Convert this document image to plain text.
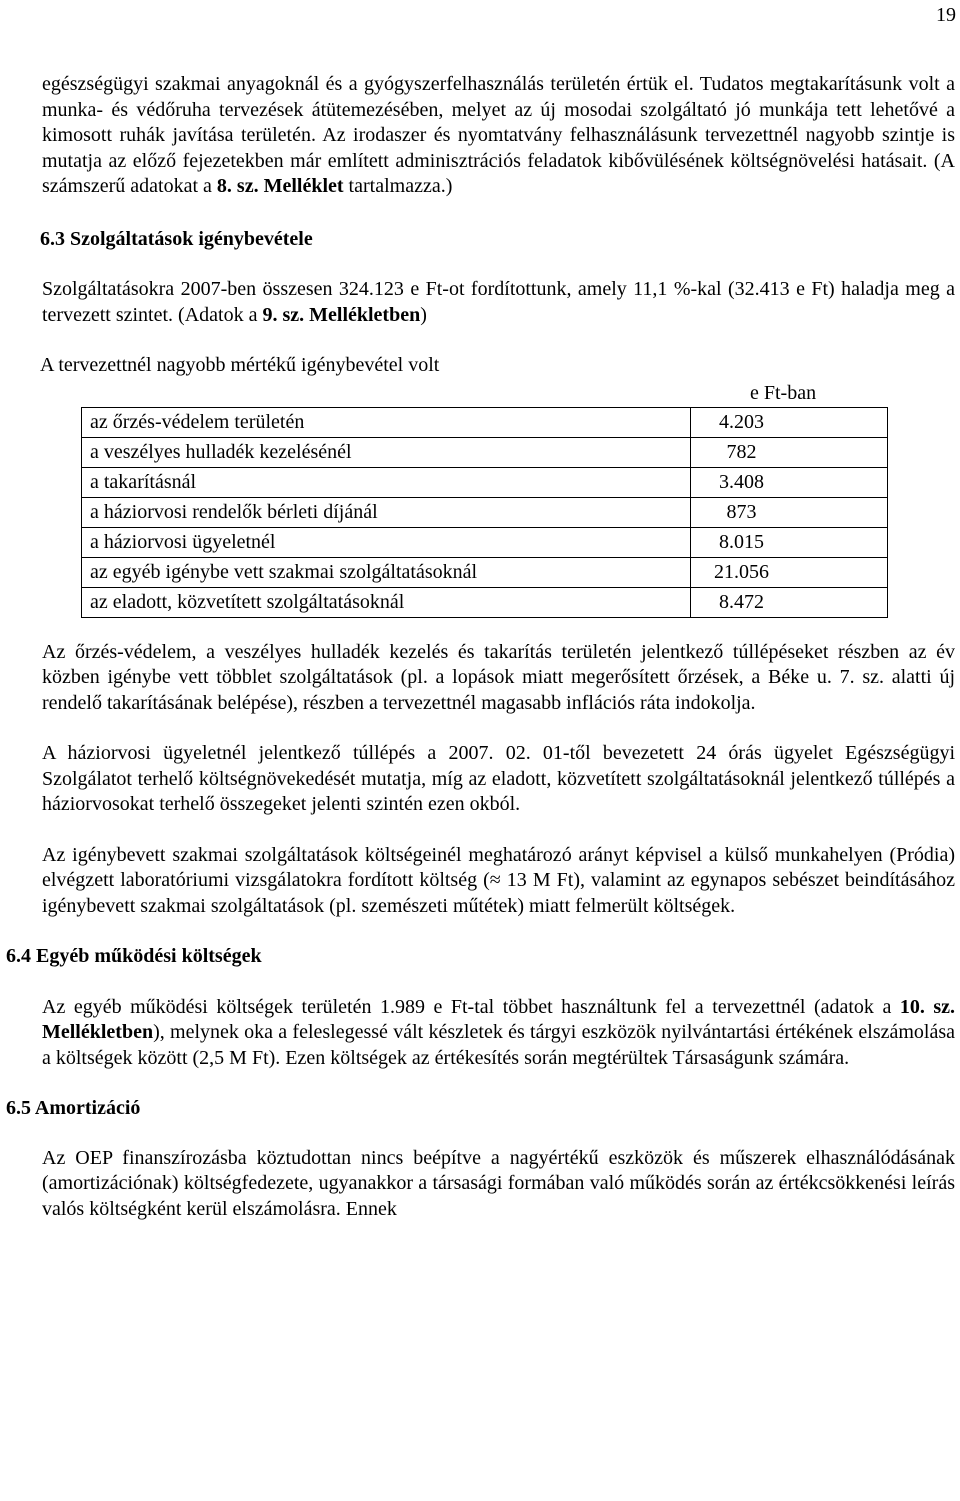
19

egészségügyi szakmai anyagoknál és a gyógyszerfelhasználás területén értük el. Tudatos megtakarításunk volt a munka- és védőruha tervezések átütemezésében, melyet az új mosodai szolgáltató jó munkája tett lehetővé a kimosott ruhák javítása területén. Az irodaszer és nyomtatvány felhasználásunk tervezettnél nagyobb szintje is mutatja az előző fejezetekben már említett adminisztrációs feladatok kibővülésének költségnövelési hatásait. (A számszerű adatokat a 8. sz. Melléklet tartalmazza.)

6.3 Szolgáltatások igénybevétele

Szolgáltatásokra 2007-ben összesen 324.123 e Ft-ot fordítottunk, amely 11,1 %-kal (32.413 e Ft) haladja meg a tervezett szintet. (Adatok a 9. sz. Mellékletben)

A tervezettnél nagyobb mértékű igénybevétel volt

e Ft-ban
az őrzés-védelem területén	4.203
a veszélyes hulladék kezelésénél	782
a takarításnál	3.408
a háziorvosi rendelők bérleti díjánál	873
a háziorvosi ügyeletnél	8.015
az egyéb igénybe vett szakmai szolgáltatásoknál	21.056
az eladott, közvetített szolgáltatásoknál	8.472

Az őrzés-védelem, a veszélyes hulladék kezelés és takarítás területén jelentkező túllépéseket részben az év közben igénybe vett többlet szolgáltatások (pl. a lopások miatt megerősített őrzések, a Béke u. 7. sz. alatti új rendelő takarításának belépése), részben a tervezettnél magasabb inflációs ráta indokolja.

A háziorvosi ügyeletnél jelentkező túllépés a 2007. 02. 01-től bevezetett 24 órás ügyelet Egészségügyi Szolgálatot terhelő költségnövekedését mutatja, míg az eladott, közvetített szolgáltatásoknál jelentkező túllépés a háziorvosokat terhelő összegeket jelenti szintén ezen okból.

Az igénybevett szakmai szolgáltatások költségeinél meghatározó arányt képvisel a külső munkahelyen (Pródia) elvégzett laboratóriumi vizsgálatokra fordított költség (≈ 13 M Ft), valamint az egynapos sebészet beindításához igénybevett szakmai szolgáltatások (pl. szemészeti műtétek) miatt felmerült költségek.

6.4 Egyéb működési költségek

Az egyéb működési költségek területén 1.989 e Ft-tal többet használtunk fel a tervezettnél (adatok a 10. sz. Mellékletben), melynek oka a feleslegessé vált készletek és tárgyi eszközök nyilvántartási értékének elszámolása a költségek között (2,5 M Ft). Ezen költségek az értékesítés során megtérültek Társaságunk számára.

6.5 Amortizáció

Az OEP finanszírozásba köztudottan nincs beépítve a nagyértékű eszközök és műszerek elhasználódásának (amortizációnak) költségfedezete, ugyanakkor a társasági formában való működés során az értékcsökkenési leírás valós költségként kerül elszámolásra. Ennek
